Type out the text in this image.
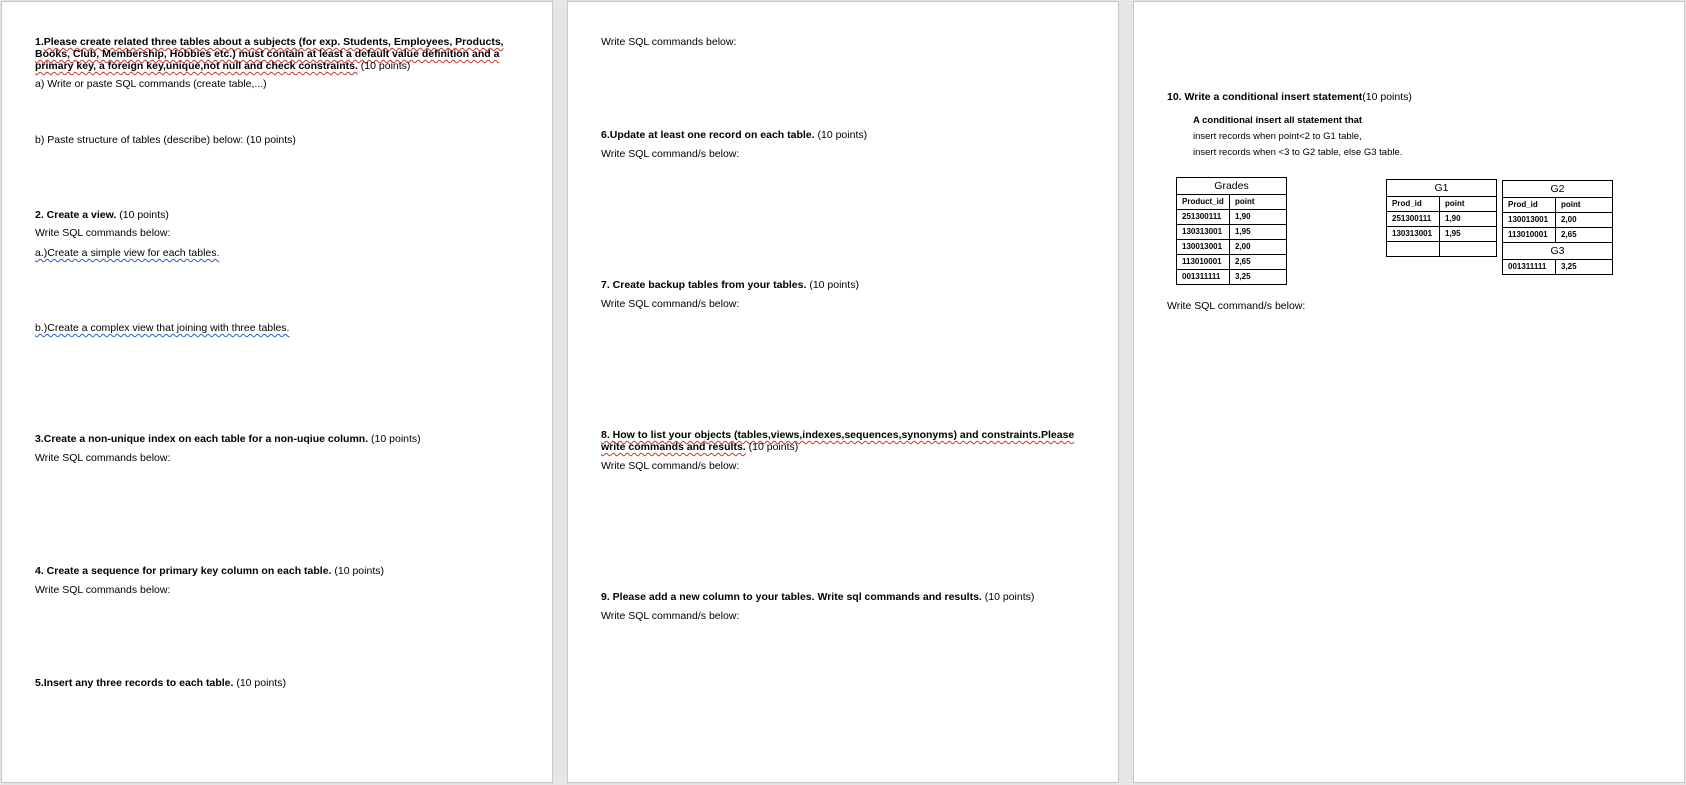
1.Please create related three tables about a subjects (for exp. Students, Employees, Products,
Books, Club, Membership, Hobbies etc.) must contain at least a default value definition and a
primary key, a foreign key,unique,not null and check constraints. (10 points)
a) Write or paste SQL commands (create table,...)
b) Paste structure of tables (describe) below: (10 points)
2. Create a view. (10 points)
Write SQL commands below:
a.)Create a simple view for each tables.
b.)Create a complex view that joining with three tables.
3.Create a non-unique index on each table for a non-uqiue column. (10 points)
Write SQL commands below:
4. Create a sequence for primary key column on each table. (10 points)
Write SQL commands below:
5.Insert any three records to each table. (10 points)
Write SQL commands below:
6.Update at least one record on each table. (10 points)
Write SQL command/s below:
7. Create backup tables from your tables. (10 points)
Write SQL command/s below:
8. How to list your objects (tables,views,indexes,sequences,synonyms) and constraints.Please
write commands and results. (10 points)
Write SQL command/s below:
9. Please add a new column to your tables. Write sql commands and results. (10 points)
Write SQL command/s below:
10. Write a conditional insert statement(10 points)
A conditional insert all statement that
insert records when point<2 to G1 table,
insert records when <3 to G2 table, else G3 table.
Grades	
Product_id	point
251300111	1,90
130313001	1,95
130013001	2,00
113010001	2,65
001311111	3,25
G1	
Prod_id	point
251300111	1,90
130313001	1,95

G2	
Prod_id	point
130013001	2,00
113010001	2,65
G3	
001311111	3,25
Write SQL command/s below:
